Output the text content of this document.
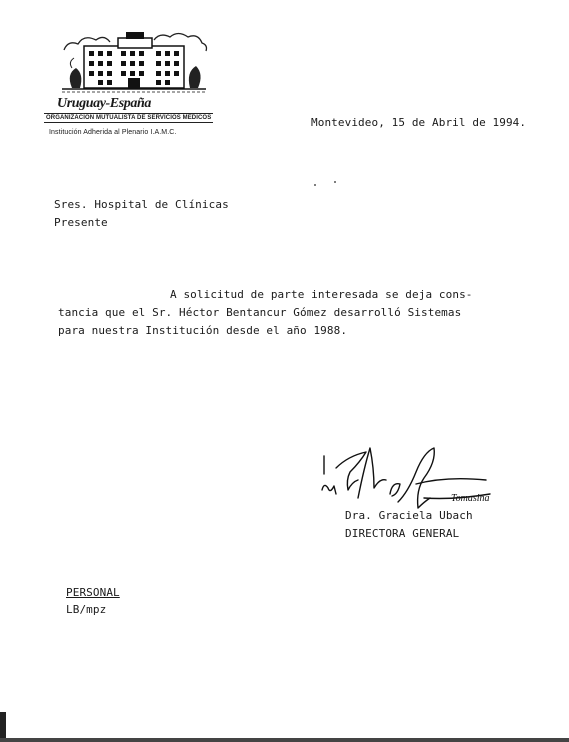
Uruguay-España
ORGANIZACION MUTUALISTA DE SERVICIOS MEDICOS
Institución Adherida al Plenario I.A.M.C.
Montevideo, 15 de Abril de 1994.
Sres. Hospital de Clínicas
Presente
A solicitud de parte interesada se deja cons-
tancia que el Sr. Héctor Bentancur Gómez desarrolló Sistemas
para nuestra Institución desde el año 1988.
Tomasina
Dra. Graciela Ubach
DIRECTORA GENERAL
PERSONAL
LB/mpz
